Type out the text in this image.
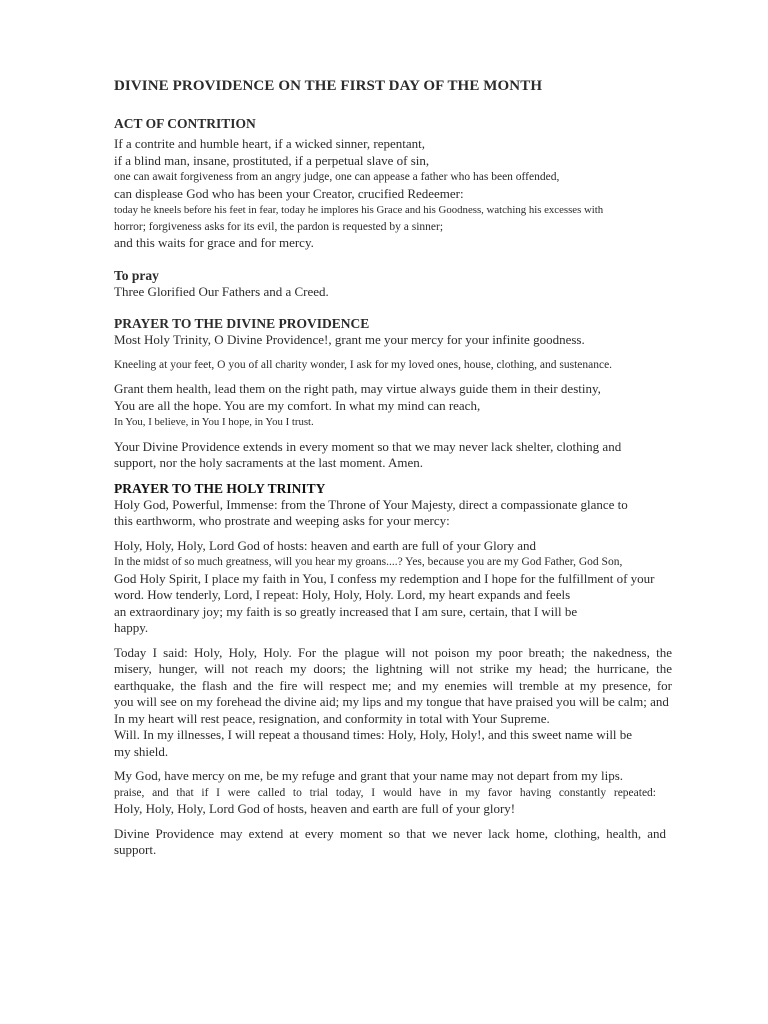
DIVINE PROVIDENCE ON THE FIRST DAY OF THE MONTH
ACT OF CONTRITION
If a contrite and humble heart, if a wicked sinner, repentant,
if a blind man, insane, prostituted, if a perpetual slave of sin,
one can await forgiveness from an angry judge, one can appease a father who has been offended,
can displease God who has been your Creator, crucified Redeemer:
today he kneels before his feet in fear, today he implores his Grace and his Goodness, watching his excesses with
horror; forgiveness asks for its evil, the pardon is requested by a sinner;
and this waits for grace and for mercy.
To pray
Three Glorified Our Fathers and a Creed.
PRAYER TO THE DIVINE PROVIDENCE
Most Holy Trinity, O Divine Providence!, grant me your mercy for your infinite goodness.
Kneeling at your feet, O you of all charity wonder, I ask for my loved ones, house, clothing, and sustenance.
Grant them health, lead them on the right path, may virtue always guide them in their destiny,
You are all the hope. You are my comfort. In what my mind can reach,
In You, I believe, in You I hope, in You I trust.
Your Divine Providence extends in every moment so that we may never lack shelter, clothing and
support, nor the holy sacraments at the last moment. Amen.
PRAYER TO THE HOLY TRINITY
Holy God, Powerful, Immense: from the Throne of Your Majesty, direct a compassionate glance to
this earthworm, who prostrate and weeping asks for your mercy:
Holy, Holy, Holy, Lord God of hosts: heaven and earth are full of your Glory and
In the midst of so much greatness, will you hear my groans....? Yes, because you are my God Father, God Son,
God Holy Spirit, I place my faith in You, I confess my redemption and I hope for the fulfillment of your
word. How tenderly, Lord, I repeat: Holy, Holy, Holy. Lord, my heart expands and feels
an extraordinary joy; my faith is so greatly increased that I am sure, certain, that I will be
happy.
Today I said: Holy, Holy, Holy. For the plague will not poison my poor breath; the nakedness, the
misery, hunger, will not reach my doors; the lightning will not strike my head; the hurricane, the
earthquake, the flash and the fire will respect me; and my enemies will tremble at my presence, for
you will see on my forehead the divine aid; my lips and my tongue that have praised you will be calm; and
In my heart will rest peace, resignation, and conformity in total with Your Supreme.
Will. In my illnesses, I will repeat a thousand times: Holy, Holy, Holy!, and this sweet name will be
my shield.
My God, have mercy on me, be my refuge and grant that your name may not depart from my lips.
praise, and that if I were called to trial today, I would have in my favor having constantly repeated:
Holy, Holy, Holy, Lord God of hosts, heaven and earth are full of your glory!
Divine Providence may extend at every moment so that we never lack home, clothing, health, and
support.
